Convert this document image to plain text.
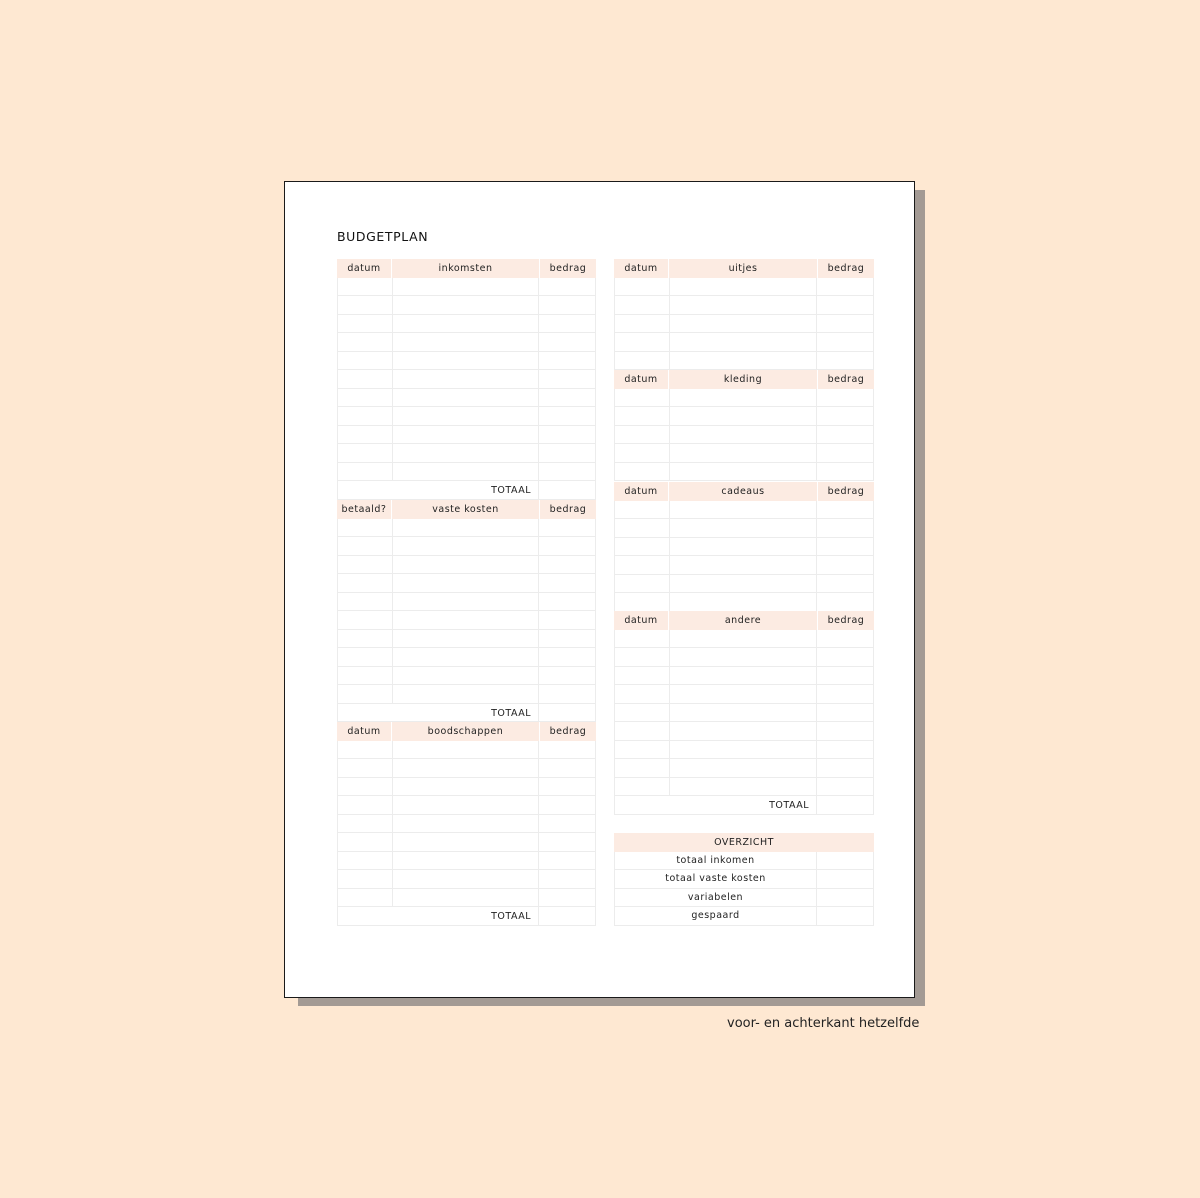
BUDGETPLAN
datum	inkomsten	bedrag
TOTAAL
betaald?	vaste kosten	bedrag
TOTAAL
datum	boodschappen	bedrag
TOTAAL
datum	uitjes	bedrag
datum	kleding	bedrag
datum	cadeaus	bedrag
datum	andere	bedrag
TOTAAL
OVERZICHT
totaal inkomen
totaal vaste kosten
variabelen
gespaard
voor- en achterkant hetzelfde
